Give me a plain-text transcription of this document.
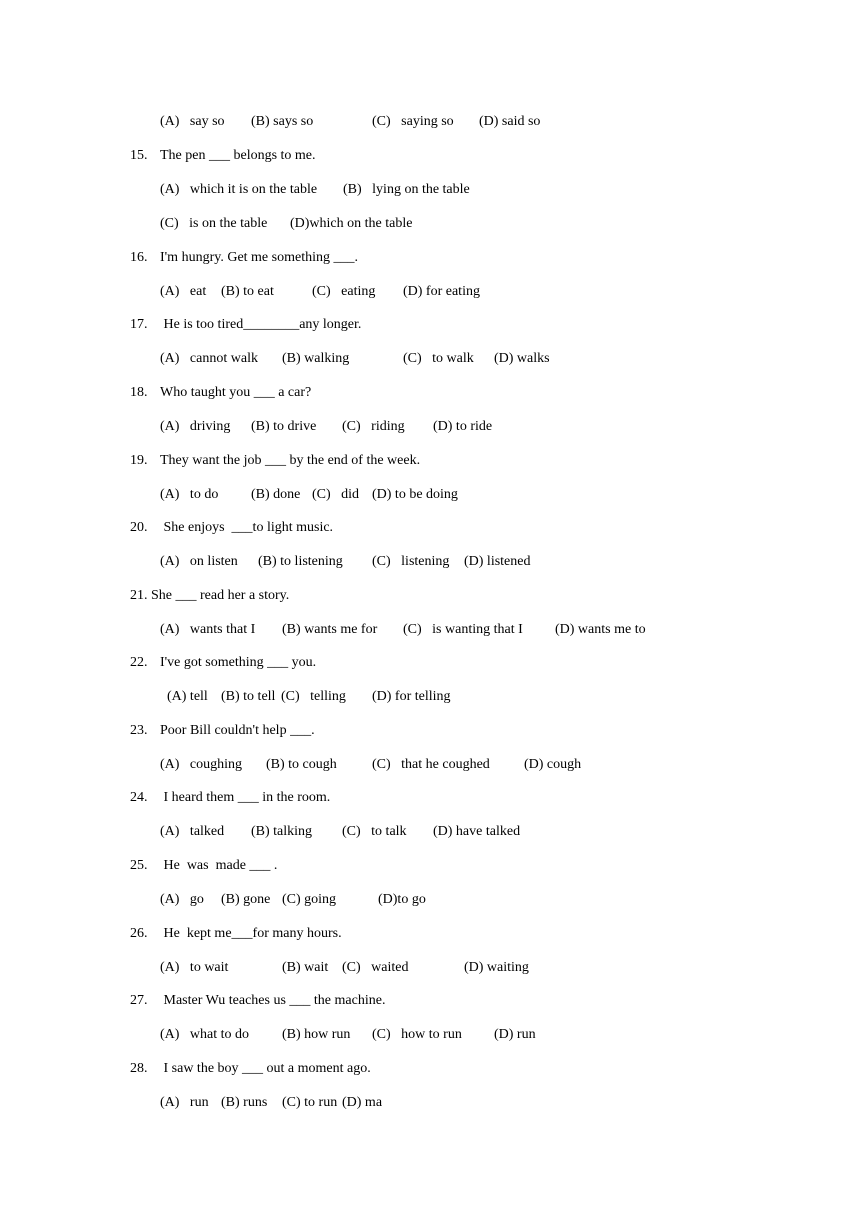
(A)   say so (B) says so	(C)   saying so (D) said so
15. The pen ___ belongs to me.
(A)   which it is on the table (B)   lying on the table
(C)   is on the table (D)which on the table
16. I'm hungry. Get me something ___.
(A)   eat (B) to eat	(C)   eating (D) for eating
17. He is too tired________any longer.
(A)   cannot walk (B) walking	(C)   to walk (D) walks
18. Who taught you ___ a car?
(A)   driving (B) to drive (C)   riding (D) to ride
19. They want the job ___ by the end of the week.
(A)   to do (B) done (C)   did (D) to be doing
20. She enjoys  ___to light music.
(A)   on listen (B) to listening (C)   listening (D) listened
21. She ___ read her a story.
(A)   wants that I (B) wants me for (C)   is wanting that I (D) wants me to
22. I've got something ___ you.
(A) tell (B) to tell (C)   telling (D) for telling
23. Poor Bill couldn't help ___.
(A)   coughing (B) to cough	(C)   that he coughed (D) cough
24. I heard them ___ in the room.
(A)   talked (B) talking (C)   to talk (D) have talked
25. He  was  made ___ .
(A)   go (B) gone (C) going	(D)to go
26. He  kept me___for many hours.
(A)   to wait	(B) wait (C)   waited	(D) waiting
27. Master Wu teaches us ___ the machine.
(A)   what to do (B) how run (C)   how to run (D) run
28. I saw the boy ___ out a moment ago.
(A)   run (B) runs (C) to run (D) ma
